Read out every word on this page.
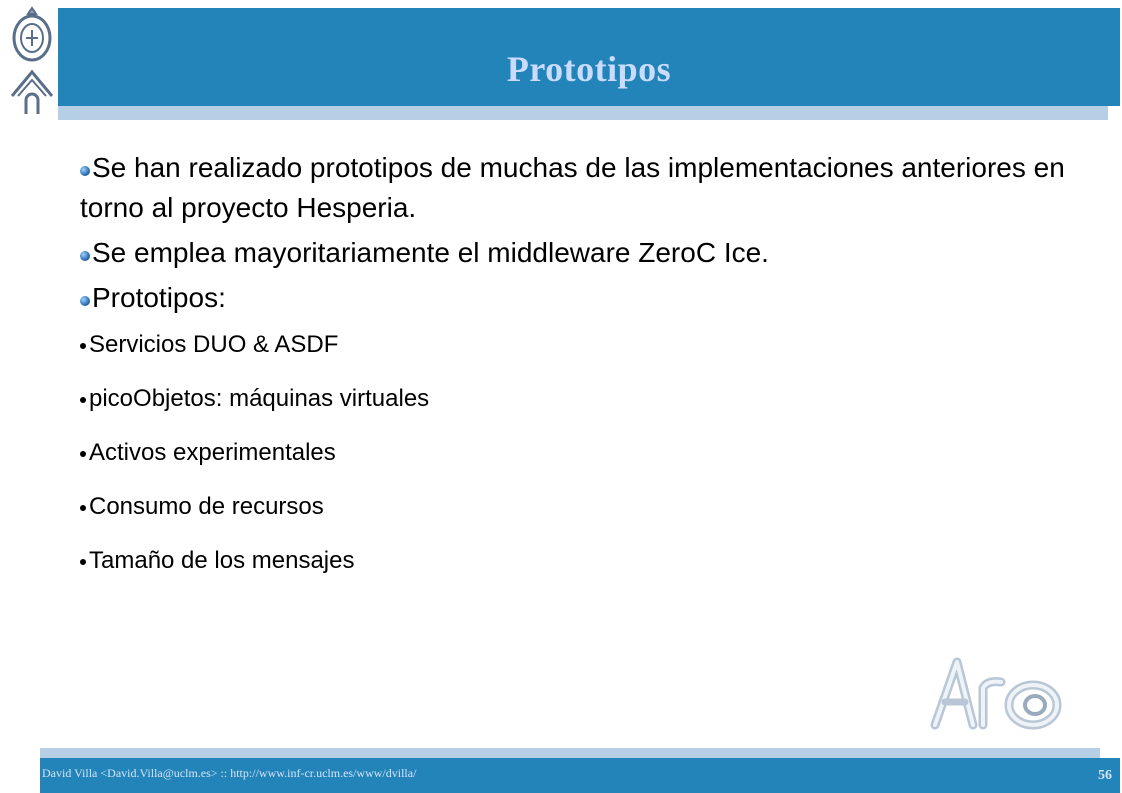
Prototipos
Se han realizado prototipos de muchas de las implementaciones anteriores en torno al proyecto Hesperia.
Se emplea mayoritariamente el middleware ZeroC Ice.
Prototipos:
Servicios DUO & ASDF
picoObjetos: máquinas virtuales
Activos experimentales
Consumo de recursos
Tamaño de los mensajes
David Villa <David.Villa@uclm.es> :: http://www.inf-cr.uclm.es/www/dvilla/	56
